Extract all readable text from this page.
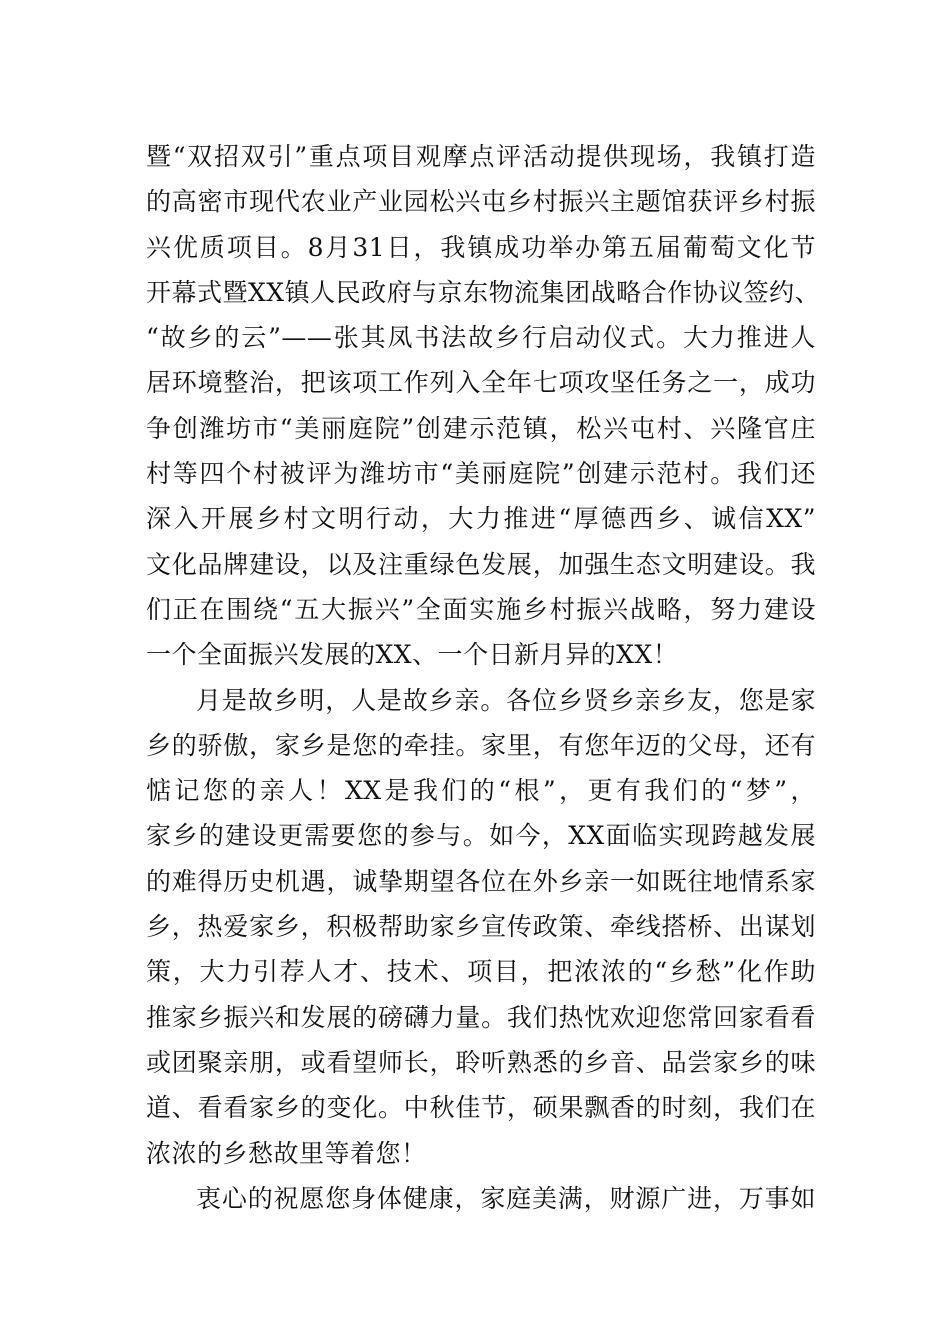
暨“双招双引”重点项目观摩点评活动提供现场，我镇打造
的高密市现代农业产业园松兴屯乡村振兴主题馆获评乡村振
兴优质项目。8月31日，我镇成功举办第五届葡萄文化节
开幕式暨XX镇人民政府与京东物流集团战略合作协议签约、
“故乡的云”——张其凤书法故乡行启动仪式。大力推进人
居环境整治，把该项工作列入全年七项攻坚任务之一，成功
争创潍坊市“美丽庭院”创建示范镇，松兴屯村、兴隆官庄
村等四个村被评为潍坊市“美丽庭院”创建示范村。我们还
深入开展乡村文明行动，大力推进“厚德西乡、诚信XX”
文化品牌建设，以及注重绿色发展，加强生态文明建设。我
们正在围绕“五大振兴”全面实施乡村振兴战略，努力建设
一个全面振兴发展的XX、一个日新月异的XX！
月是故乡明，人是故乡亲。各位乡贤乡亲乡友，您是家
乡的骄傲，家乡是您的牵挂。家里，有您年迈的父母，还有
惦记您的亲人！XX是我们的“根”，更有我们的“梦”，
家乡的建设更需要您的参与。如今，XX面临实现跨越发展
的难得历史机遇，诚挚期望各位在外乡亲一如既往地情系家
乡，热爱家乡，积极帮助家乡宣传政策、牵线搭桥、出谋划
策，大力引荐人才、技术、项目，把浓浓的“乡愁”化作助
推家乡振兴和发展的磅礴力量。我们热忱欢迎您常回家看看
或团聚亲朋，或看望师长，聆听熟悉的乡音、品尝家乡的味
道、看看家乡的变化。中秋佳节，硕果飘香的时刻，我们在
浓浓的乡愁故里等着您！
衷心的祝愿您身体健康，家庭美满，财源广进，万事如
